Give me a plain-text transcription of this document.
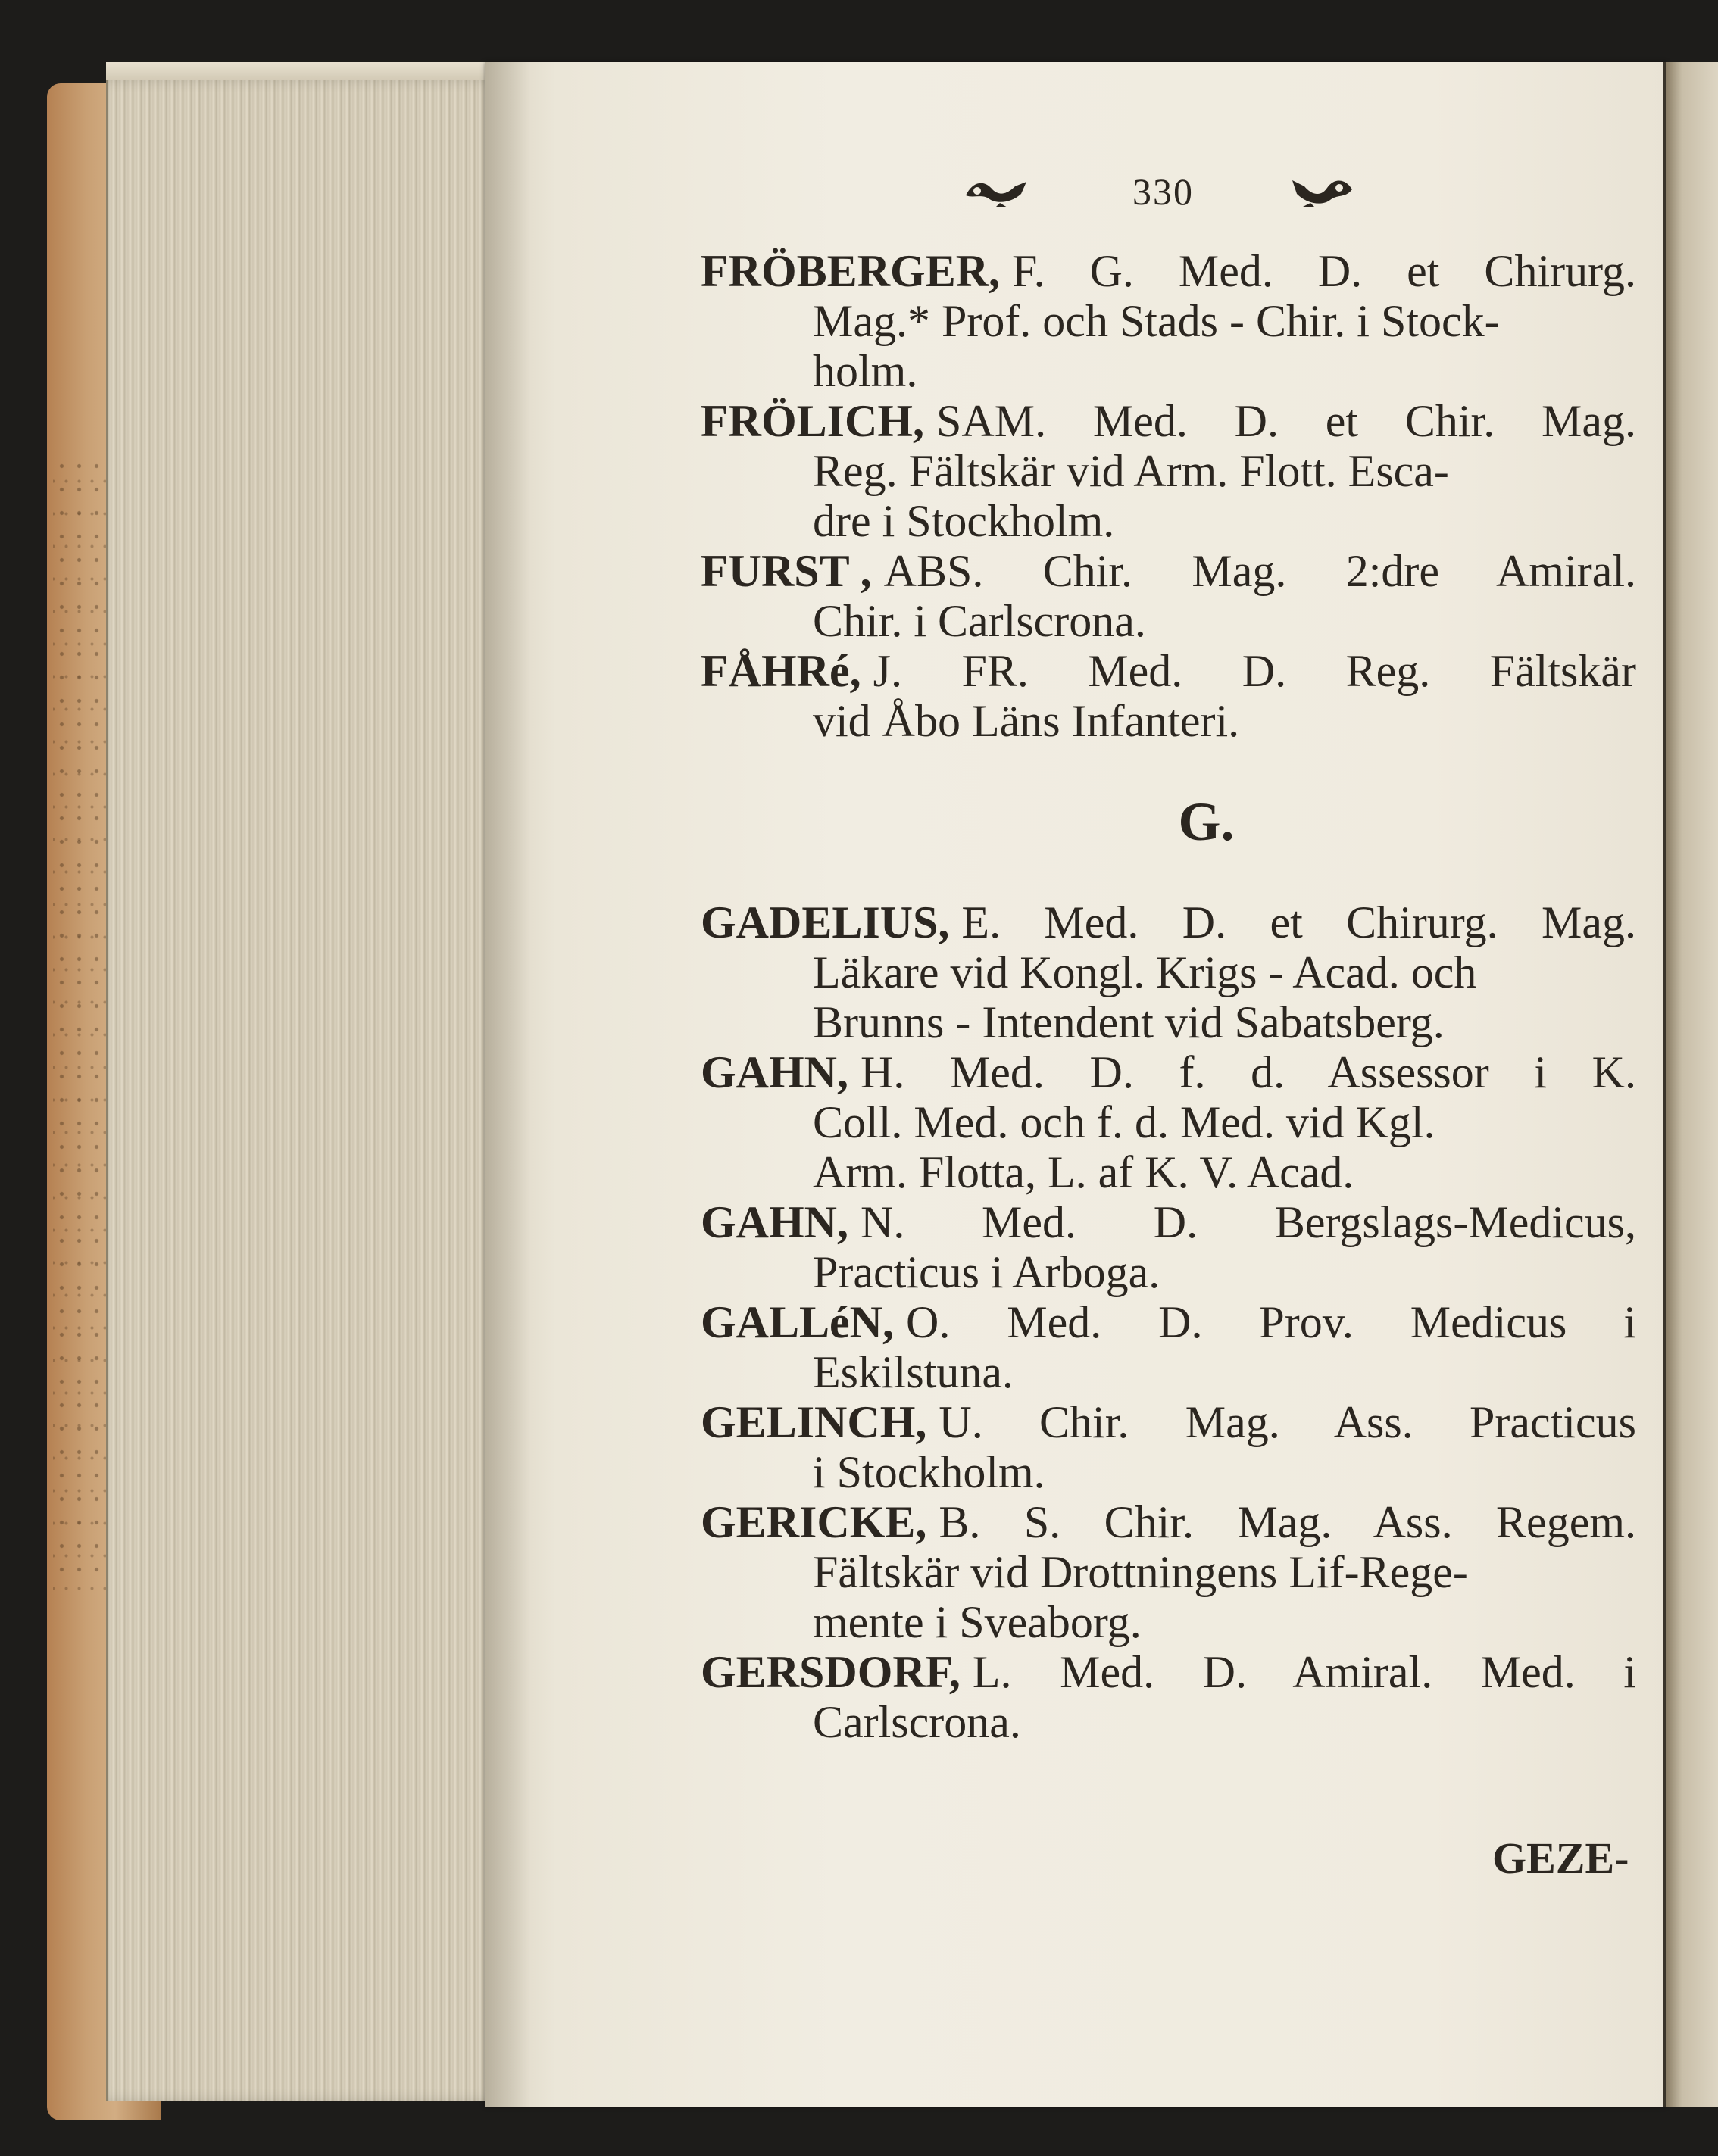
330
FRÖBERGER, F. G. Med. D. et Chirurg.
Mag.* Prof. och Stads - Chir. i Stock-
holm.
FRÖLICH, SAM. Med. D. et Chir. Mag.
Reg. Fältskär vid Arm. Flott. Esca-
dre i Stockholm.
FURST , ABS. Chir. Mag. 2:dre Amiral.
Chir. i Carlscrona.
FÅHRé, J. FR. Med. D. Reg. Fältskär
vid Åbo Läns Infanteri.
G.
GADELIUS, E. Med. D. et Chirurg. Mag.
Läkare vid Kongl. Krigs - Acad. och
Brunns - Intendent vid Sabatsberg.
GAHN, H. Med. D. f. d. Assessor i K.
Coll. Med. och f. d. Med. vid Kgl.
Arm. Flotta, L. af K. V. Acad.
GAHN, N. Med. D. Bergslags-Medicus,
Practicus i Arboga.
GALLéN, O. Med. D. Prov. Medicus i
Eskilstuna.
GELINCH, U. Chir. Mag. Ass. Practicus
i Stockholm.
GERICKE, B. S. Chir. Mag. Ass. Regem.
Fältskär vid Drottningens Lif-Rege-
mente i Sveaborg.
GERSDORF, L. Med. D. Amiral. Med. i
Carlscrona.
GEZE-
